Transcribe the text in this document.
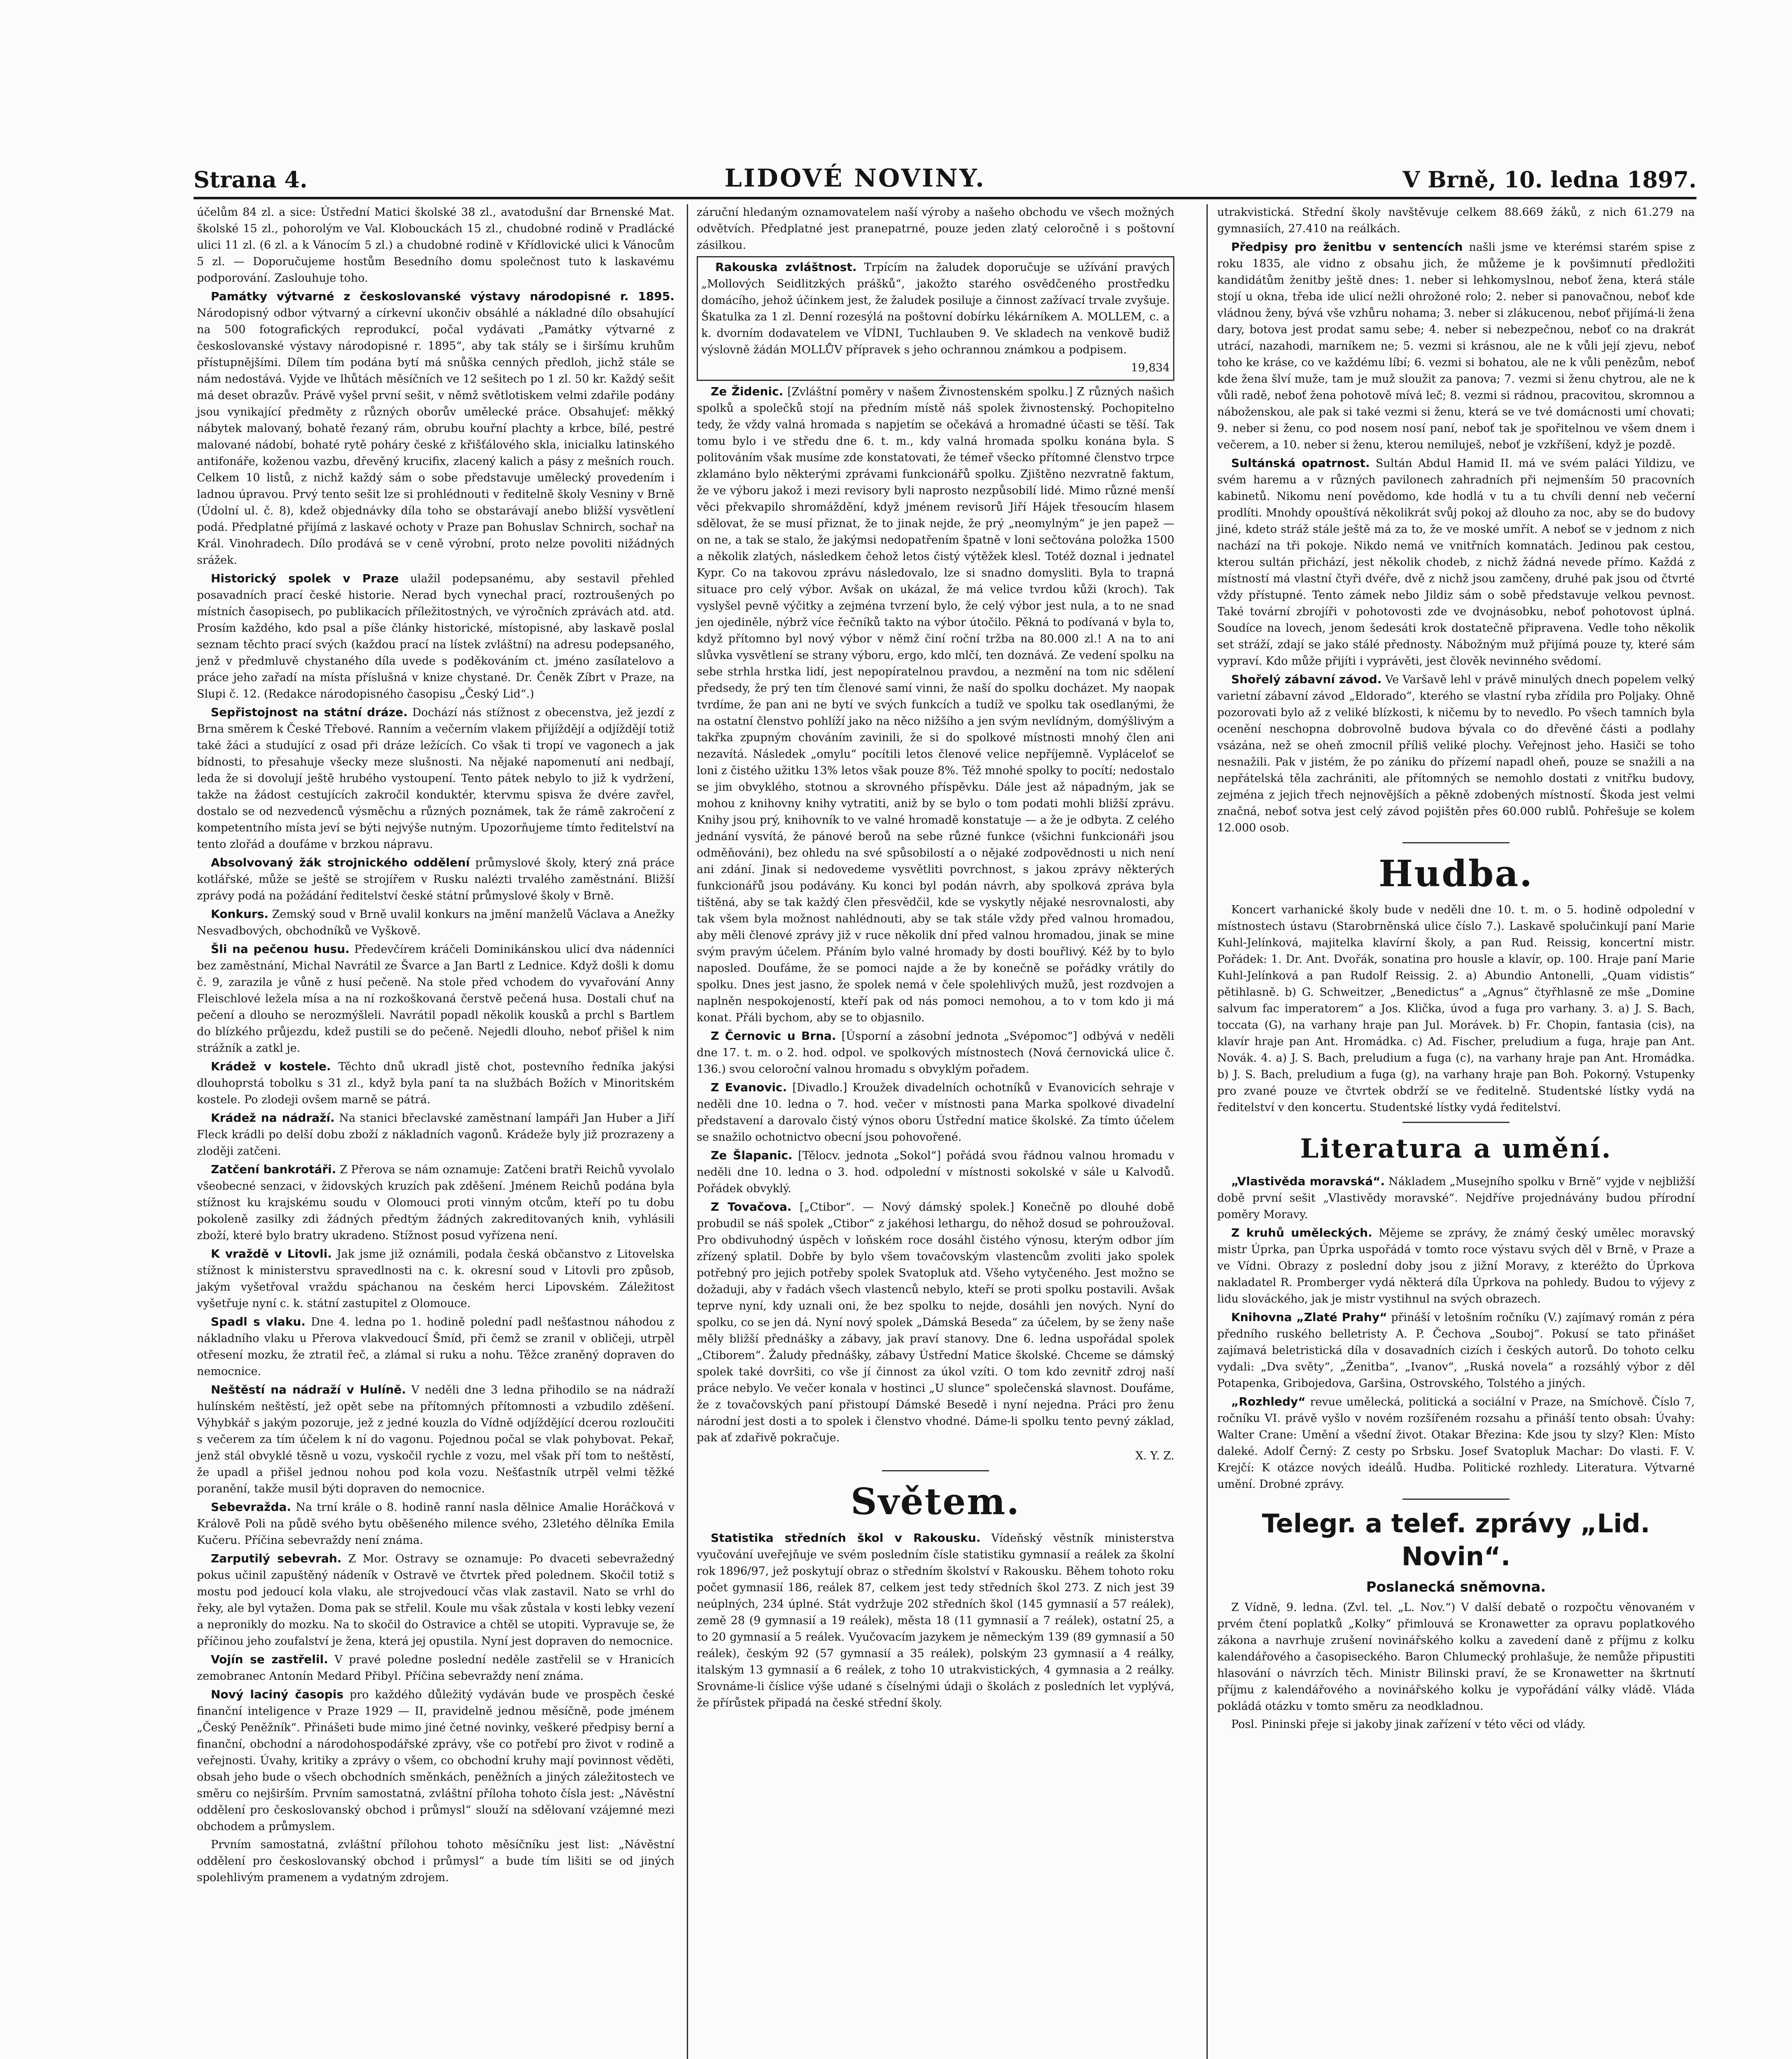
Strana 4.	LIDOVÉ NOVINY.	V Brně, 10. ledna 1897.

účelům 84 zl. a sice: Ústřední Matici školské 38 zl., avatodušní dar Brnenské Mat. školské 15 zl., pohorolým ve Val. Klobouckách 15 zl., chudobné rodině v Pradlácké ulici 11 zl. (6 zl. a k Vánocím 5 zl.) a chudobné rodině v Křídlovické ulici k Vánocům 5 zl. — Doporučujeme hostům Besedního domu společnost tuto k laskavému podporování. Zaslouhuje toho.

Památky výtvarné z českoslovanské výstavy národopisné r. 1895. Národopisný odbor výtvarný a církevní ukončiv obsáhlé a nákladné dílo obsahující na 500 fotografických reprodukcí, počal vydávati „Památky výtvarné z českoslovanské výstavy národopisné r. 1895“, aby tak stály se i širšímu kruhům přístupnějšími. Dílem tím podána bytí má snůška cenných předloh, jichž stále se nám nedostává. Vyjde ve lhůtách měsíčních ve 12 sešitech po 1 zl. 50 kr. Každý sešit má deset obrazův. Právě vyšel první sešit, v němž světlotiskem velmi zdařile podány jsou vynikající předměty z různých oborův umělecké práce. Obsahujeť: měkký nábytek malovaný, bohatě řezaný rám, obrubu kouřní plachty a krbce, bílé, pestré malované nádobí, bohaté rytě poháry české z křišťálového skla, inicialku latinského antifonáře, koženou vazbu, dřevěný krucifix, zlacený kalich a pásy z mešních rouch. Celkem 10 listů, z nichž každý sám o sobe představuje umělecký provedením i ladnou úpravou. Prvý tento sešit lze si prohlédnouti v ředitelně školy Vesniny v Brně (Údolní ul. č. 8), kdež objednávky díla toho se obstarávají anebo bližší vysvětlení podá. Předplatné přijímá z laskavé ochoty v Praze pan Bohuslav Schnirch, sochař na Král. Vinohradech. Dílo prodává se v ceně výrobní, proto nelze povoliti nižádných srážek.

Historický spolek v Praze ulažil podepsanému, aby sestavil přehled posavadních prací české historie. Nerad bych vynechal prací, roztroušených po místních časopisech, po publikacích příležitostných, ve výročních zprávách atd. atd. Prosím každého, kdo psal a píše články historické, místopisné, aby laskavě poslal seznam těchto prací svých (každou prací na lístek zvláštní) na adresu podepsaného, jenž v předmluvě chystaného díla uvede s poděkováním ct. jméno zasílatelovo a práce jeho zařadí na místa příslušná v knize chystané. Dr. Čeněk Zíbrt v Praze, na Slupi č. 12. (Redakce národopisného časopisu „Český Lid“.)

Sepřistojnost na státní dráze. Dochází nás stížnost z obecenstva, jež jezdí z Brna směrem k České Třebové. Ranním a večerním vlakem přijíždějí a odjíždějí totiž také žáci a studující z osad při dráze ležících. Co však ti tropí ve vagonech a jak bídnosti, to přesahuje všecky meze slušnosti. Na nějaké napomenutí ani nedbají, leda že si dovolují ještě hrubého vystoupení. Tento pátek nebylo to již k vydržení, takže na žádost cestujících zakročil konduktér, ktervmu spisva že dvére zavřel, dostalo se od nezvedenců výsměchu a různých poznámek, tak že rámě zakročení z kompetentního místa jeví se býti nejvýše nutným. Upozorňujeme tímto ředitelství na tento zlořád a doufáme v brzkou nápravu.

Absolvovaný žák strojnického oddělení průmyslové školy, který zná práce kotlářské, může se ještě se strojířem v Rusku nalézti trvalého zaměstnání. Bližší zprávy podá na požádání ředitelství české státní průmyslové školy v Brně.

Konkurs. Zemský soud v Brně uvalil konkurs na jmění manželů Václava a Anežky Nesvadbových, obchodníků ve Vyškově.

Šli na pečenou husu. Předevčírem kráčeli Dominikánskou ulicí dva nádenníci bez zaměstnání, Michal Navrátil ze Švarce a Jan Bartl z Lednice. Když došli k domu č. 9, zarazila je vůně z husí pečeně. Na stole před vchodem do vyvařování Anny Fleischlové ležela mísa a na ní rozkoškovaná čerstvě pečená husa. Dostali chuť na pečení a dlouho se nerozmýšleli. Navrátil popadl několik kousků a prchl s Bartlem do blízkého průjezdu, kdež pustili se do pečeně. Nejedli dlouho, neboť přišel k nim strážník a zatkl je.

Krádež v kostele. Těchto dnů ukradl jistě chot, postevního ředníka jakýsi dlouhoprstá tobolku s 31 zl., když byla paní ta na službách Božích v Minoritském kostele. Po zlodeji ovšem marně se pátrá.

Krádež na nádraží. Na stanici břeclavské zaměstnaní lampáři Jan Huber a Jiří Fleck krádli po delší dobu zboží z nákladních vagonů. Krádeže byly již prozrazeny a zloději zatčeni.

Zatčení bankrotáři. Z Přerova se nám oznamuje: Zatčeni bratři Reichů vyvolalo všeobecné senzaci, v židovských kruzích pak zděšení. Jménem Reichů podána byla stížnost ku krajskému soudu v Olomouci proti vinným otcům, kteří po tu dobu pokoleně zasilky zdi žádných předtým žádných zakreditovaných knih, vyhlásili zboží, které bylo bratry ukradeno. Stížnost posud vyřízena není.

K vraždě v Litovli. Jak jsme již oznámili, podala česká občanstvo z Litovelska stížnost k ministerstvu spravedlnosti na c. k. okresní soud v Litovli pro způsob, jakým vyšetřoval vraždu spáchanou na českém herci Lipovském. Záležitost vyšetřuje nyní c. k. státní zastupitel z Olomouce.

Spadl s vlaku. Dne 4. ledna po 1. hodině polední padl nešťastnou náhodou z nákladního vlaku u Přerova vlakvedoucí Šmíd, při čemž se zranil v obličeji, utrpěl otřesení mozku, že ztratil řeč, a zlámal si ruku a nohu. Těžce zraněný dopraven do nemocnice.

Neštěstí na nádraží v Hulíně. V neděli dne 3 ledna přihodilo se na nádraží hulínském neštěstí, jež opět sebe na přítomných přítomnosti a vzbudilo zděšení. Výhybkář s jakým pozoruje, jež z jedné kouzla do Vídně odjíždějící dcerou rozloučiti s večerem za tím účelem k ní do vagonu. Pojednou počal se vlak pohybovat. Pekař, jenž stál obvyklé těsně u vozu, vyskočil rychle z vozu, mel však pří tom to neštěstí, že upadl a přišel jednou nohou pod kola vozu. Nešťastník utrpěl velmi těžké poranění, takže musil býti dopraven do nemocnice.

Sebevražda. Na trní krále o 8. hodině ranní nasla dělnice Amalie Horáčková v Králově Poli na půdě svého bytu oběšeného milence svého, 23letého dělníka Emila Kučeru. Příčina sebevraždy není známa.

Zarputilý sebevrah. Z Mor. Ostravy se oznamuje: Po dvaceti sebevražedný pokus učinil zapuštěný nádeník v Ostravě ve čtvrtek před polednem. Skočil totiž s mostu pod jedoucí kola vlaku, ale strojvedoucí včas vlak zastavil. Nato se vrhl do řeky, ale byl vytažen. Doma pak se střelil. Koule mu však zůstala v kosti lebky vezení a nepronikly do mozku. Na to skočil do Ostravice a chtěl se utopiti. Vypravuje se, že příčinou jeho zoufalství je žena, která jej opustila. Nyní jest dopraven do nemocnice.

Vojín se zastřelil. V pravé poledne poslední neděle zastřelil se v Hranicích zemobranec Antonín Medard Přibyl. Příčina sebevraždy není známa.

Nový laciný časopis pro každého důležitý vydáván bude ve prospěch české finanční inteligence v Praze 1929 — II, pravidelně jednou měsíčně, pode jménem „Český Peněžník“. Přinášeti bude mimo jiné četné novinky, veškeré předpisy berní a finanční, obchodní a národohospodářské zprávy, vše co potřebí pro život v rodině a veřejnosti. Úvahy, kritiky a zprávy o všem, co obchodní kruhy mají povinnost věděti, obsah jeho bude o všech obchodních směnkách, peněžních a jiných záležitostech ve směru co nejširším. Prvním samostatná, zvláštní příloha tohoto čísla jest: „Návěstní oddělení pro českoslovanský obchod i průmysl“ slouží na sdělovaní vzájemné mezi obchodem a průmyslem.

Prvním samostatná, zvláštní přílohou tohoto měsíčníku jest list: „Návěstní oddělení pro českoslovanský obchod i průmysl“ a bude tím lišiti se od jiných spolehlivým pramenem a vydatným zdrojem.

záruční hledaným oznamovatelem naší výroby a našeho obchodu ve všech možných odvětvích. Předplatné jest pranepatrné, pouze jeden zlatý celoročně i s poštovní zásilkou.

Rakouska zvláštnost. Trpícím na žaludek doporučuje se užívání pravých „Mollových Seidlitzkých prášků“, jakožto starého osvědčeného prostředku domácího, jehož účinkem jest, že žaludek posiluje a činnost zažívací trvale zvyšuje. Škatulka za 1 zl. Denní rozesýlá na poštovní dobírku lékárníkem A. MOLLEM, c. a k. dvorním dodavatelem ve VÍDNI, Tuchlauben 9. Ve skladech na venkově budiž výslovně žádán MOLLŮV přípravek s jeho ochrannou známkou a podpisem.

19,834

Ze Židenic. [Zvláštní poměry v našem Živnostenském spolku.] Z různých našich spolků a společků stojí na předním místě náš spolek živnostenský. Pochopitelno tedy, že vždy valná hromada s napjetím se očekává a hromadné účasti se těší. Tak tomu bylo i ve středu dne 6. t. m., kdy valná hromada spolku konána byla. S politováním však musíme zde konstatovati, že témeř všecko přítomné členstvo trpce zklamáno bylo některými zprávami funkcionářů spolku. Zjištěno nezvratně faktum, že ve výboru jakož i mezi revisory byli naprosto nezpůsobilí lidé. Mimo různé menší věci překvapilo shromáždění, když jménem revisorů Jiří Hájek třesoucím hlasem sdělovat, že se musí přiznat, že to jinak nejde, že prý „neomylným“ je jen papež — on ne, a tak se stalo, že jakýmsi nedopatřením špatně v loni sečtována položka 1500 a několik zlatých, následkem čehož letos čistý výtěžek klesl. Totéž doznal i jednatel Kypr. Co na takovou zprávu následovalo, lze si snadno domysliti. Byla to trapná situace pro celý výbor. Avšak on ukázal, že má velice tvrdou kůži (kroch). Tak vyslyšel pevně výčitky a zejména tvrzení bylo, že celý výbor jest nula, a to ne snad jen ojediněle, nýbrž více řečníků takto na výbor útočilo. Pěkná to podívaná v byla to, když přítomno byl nový výbor v němž činí roční tržba na 80.000 zl.! A na to ani slůvka vysvětlení se strany výboru, ergo, kdo mlčí, ten doznává. Ze vedení spolku na sebe strhla hrstka lidí, jest nepopíratelnou pravdou, a nezmění na tom nic sdělení předsedy, že prý ten tím členové samí vinni, že naší do spolku docházet. My naopak tvrdíme, že pan ani ne bytí ve svých funkcích a tudíž ve spolku tak osedlanými, že na ostatní členstvo pohlíží jako na něco nižšího a jen svým nevlídným, domýšlivým a takřka zpupným chováním zavinili, že si do spolkové místnosti mnohý člen ani nezavítá. Následek „omylu“ pocítili letos členové velice nepříjemně. Vypláceloť se loni z čistého užitku 13% letos však pouze 8%. Též mnohé spolky to pocítí; nedostalo se jim obvyklého, stotnou a skrovného příspěvku. Dále jest až nápadným, jak se mohou z knihovny knihy vytratiti, aniž by se bylo o tom podati mohli bližší zprávu. Knihy jsou prý, knihovník to ve valné hromadě konstatuje — a že je odbyta. Z celého jednání vysvítá, že pánové beroů na sebe různé funkce (všichni funkcionáři jsou odměňováni), bez ohledu na své spůsobilostí a o nějaké zodpovědnosti u nich není ani zdání. Jinak si nedovedeme vysvětliti povrchnost, s jakou zprávy některých funkcionářů jsou podávány. Ku konci byl podán návrh, aby spolková zpráva byla tištěná, aby se tak každý člen přesvědčil, kde se vyskytly nějaké nesrovnalosti, aby tak všem byla možnost nahlédnouti, aby se tak stále vždy před valnou hromadou, aby měli členové zprávy již v ruce několik dní před valnou hromadou, jinak se mine svým pravým účelem. Přáním bylo valné hromady by dosti bouřlivý. Kéž by to bylo naposled. Doufáme, že se pomoci najde a že by konečně se pořádky vrátily do spolku. Dnes jest jasno, že spolek nemá v čele spolehlivých mužů, jest rozdvojen a naplněn nespokojeností, kteří pak od nás pomoci nemohou, a to v tom kdo ji má konat. Přáli bychom, aby se to objasnilo.

Z Černovic u Brna. [Úsporní a zásobní jednota „Svépomoc“] odbývá v neděli dne 17. t. m. o 2. hod. odpol. ve spolkových místnostech (Nová černovická ulice č. 136.) svou celoroční valnou hromadu s obvyklým pořadem.

Z Evanovic. [Divadlo.] Kroužek divadelních ochotníků v Evanovicích sehraje v neděli dne 10. ledna o 7. hod. večer v místnosti pana Marka spolkové divadelní představení a darovalo čistý výnos oboru Ústřední matice školské. Za tímto účelem se snažilo ochotnictvo obecní jsou pohovořené.

Ze Šlapanic. [Tělocv. jednota „Sokol“] pořádá svou řádnou valnou hromadu v neděli dne 10. ledna o 3. hod. odpolední v místnosti sokolské v sále u Kalvodů. Pořádek obvyklý.

Z Tovačova. [„Ctibor“. — Nový dámský spolek.] Konečně po dlouhé době probudil se náš spolek „Ctibor“ z jakéhosi lethargu, do něhož dosud se pohroužoval. Pro obdivuhodný úspěch v loňském roce dosáhl čistého výnosu, kterým odbor jím zřízený splatil. Dobře by bylo všem tovačovským vlastencům zvoliti jako spolek potřebný pro jejich potřeby spolek Svatopluk atd. Všeho vytyčeného. Jest možno se dožaduji, aby v řadách všech vlastenců nebylo, kteří se proti spolku postavili. Avšak teprve nyní, kdy uznali oni, že bez spolku to nejde, dosáhli jen nových. Nyní do spolku, co se jen dá. Nyní nový spolek „Dámská Beseda“ za účelem, by se ženy naše měly bližší přednášky a zábavy, jak praví stanovy. Dne 6. ledna uspořádal spolek „Ctiborem“. Žaludy přednášky, zábavy Ústřední Matice školské. Chceme se dámský spolek také dovršiti, co vše jí činnost za úkol vzíti. O tom kdo zevnitř zdroj naší práce nebylo. Ve večer konala v hostinci „U slunce“ společenská slavnost. Doufáme, že z tovačovských paní přistoupí Dámské Besedě i nyní nejedna. Práci pro ženu národní jest dosti a to spolek i členstvo vhodné. Dáme-li spolku tento pevný základ, pak ať zdařivě pokračuje.

X. Y. Z.

Světem.

Statistika středních škol v Rakousku. Vídeňský věstník ministerstva vyučování uveřejňuje ve svém posledním čísle statistiku gymnasií a reálek za školní rok 1896/97, jež poskytují obraz o středním školství v Rakousku. Během tohoto roku počet gymnasií 186, reálek 87, celkem jest tedy středních škol 273. Z nich jest 39 neúplných, 234 úplné. Stát vydržuje 202 středních škol (145 gymnasií a 57 reálek), země 28 (9 gymnasií a 19 reálek), města 18 (11 gymnasií a 7 reálek), ostatní 25, a to 20 gymnasií a 5 reálek. Vyučovacím jazykem je německým 139 (89 gymnasií a 50 reálek), českým 92 (57 gymnasií a 35 reálek), polským 23 gymnasií a 4 reálky, italským 13 gymnasií a 6 reálek, z toho 10 utrakvistických, 4 gymnasia a 2 reálky. Srovnáme-li číslice výše udané s číselnými údaji o školách z posledních let vyplývá, že přírůstek připadá na české střední školy.

utrakvistická. Střední školy navštěvuje celkem 88.669 žáků, z nich 61.279 na gymnasiích, 27.410 na reálkách.

Předpisy pro ženitbu v sentencích našli jsme ve kterémsi starém spise z roku 1835, ale vidno z obsahu jich, že můžeme je k povšimnutí předložiti kandidátům ženitby ještě dnes: 1. neber si lehkomyslnou, neboť žena, která stále stojí u okna, třeba ide ulicí nežli ohrožoné rolo; 2. neber si panovačnou, neboť kde vládnou ženy, bývá vše vzhůru nohama; 3. neber si zlákucenou, neboť přijímá-li žena dary, botova jest prodat samu sebe; 4. neber si nebezpečnou, neboť co na drakrát utrácí, nazahodi, marníkem ne; 5. vezmi si krásnou, ale ne k vůli její zjevu, neboť toho ke kráse, co ve každému líbí; 6. vezmi si bohatou, ale ne k vůli penězům, neboť kde žena šlví muže, tam je muž sloužit za panova; 7. vezmi si ženu chytrou, ale ne k vůli radě, neboť žena pohotově mívá leč; 8. vezmi si rádnou, pracovitou, skromnou a náboženskou, ale pak si také vezmi si ženu, která se ve tvé domácnosti umí chovati; 9. neber si ženu, co pod nosem nosí paní, neboť tak je spořitelnou ve všem dnem i večerem, a 10. neber si ženu, kterou nemiluješ, neboť je vzkříšení, když je pozdě.

Sultánská opatrnost. Sultán Abdul Hamid II. má ve svém paláci Yildizu, ve svém haremu a v různých pavilonech zahradních při nejmenším 50 pracovních kabinetů. Nikomu není povědomo, kde hodlá v tu a tu chvíli denní neb večerní prodlíti. Mnohdy opouštívá několikrát svůj pokoj až dlouho za noc, aby se do budovy jiné, kdeto stráž stále ještě má za to, že ve moské umřít. A neboť se v jednom z nich nachází na tři pokoje. Nikdo nemá ve vnitřních komnatách. Jedinou pak cestou, kterou sultán přichází, jest několik chodeb, z nichž žádná nevede přímo. Každá z místností má vlastní čtyři dvéře, dvě z nichž jsou zamčeny, druhé pak jsou od čtvrté vždy přístupné. Tento zámek nebo Jildiz sám o sobě představuje velkou pevnost. Také tovární zbrojíři v pohotovosti zde ve dvojnásobku, neboť pohotovost úplná. Soudíce na lovech, jenom šedesáti krok dostatečně připravena. Vedle toho několik set stráží, zdají se jako stálé přednosty. Nábožným muž přijímá pouze ty, které sám vypraví. Kdo může přijíti i vyprávěti, jest člověk nevinného svědomí.

Shořelý zábavní závod. Ve Varšavě lehl v právě minulých dnech popelem velký varietní zábavní závod „Eldorado“, kterého se vlastní ryba zřídila pro Poljaky. Ohně pozorovati bylo až z veliké blízkosti, k ničemu by to nevedlo. Po všech tamních byla ocenění neschopna dobrovolně budova bývala co do dřevěné části a podlahy vsázána, než se oheň zmocnil příliš veliké plochy. Veřejnost jeho. Hasiči se toho nesnažili. Pak v jistém, že po zániku do přízemí napadl oheň, pouze se snažili a na nepřátelská těla zachrániti, ale přítomných se nemohlo dostati z vnitřku budovy, zejména z jejich třech nejnovějších a pěkně zdobených místností. Škoda jest velmi značná, neboť sotva jest celý závod pojištěn přes 60.000 rublů. Pohřešuje se kolem 12.000 osob.

Hudba.

Koncert varhanické školy bude v neděli dne 10. t. m. o 5. hodině odpolední v místnostech ústavu (Starobrněnská ulice číslo 7.). Laskavě spolučinkují paní Marie Kuhl-Jelínková, majitelka klavírní školy, a pan Rud. Reissig, koncertní mistr. Pořádek: 1. Dr. Ant. Dvořák, sonatina pro housle a klavír, op. 100. Hraje paní Marie Kuhl-Jelínková a pan Rudolf Reissig. 2. a) Abundio Antonelli, „Quam vidistis“ pětihlasně. b) G. Schweitzer, „Benedictus“ a „Agnus“ čtyřhlasně ze mše „Domine salvum fac imperatorem“ a Jos. Klička, úvod a fuga pro varhany. 3. a) J. S. Bach, toccata (G), na varhany hraje pan Jul. Morávek. b) Fr. Chopin, fantasia (cis), na klavír hraje pan Ant. Hromádka. c) Ad. Fischer, preludium a fuga, hraje pan Ant. Novák. 4. a) J. S. Bach, preludium a fuga (c), na varhany hraje pan Ant. Hromádka. b) J. S. Bach, preludium a fuga (g), na varhany hraje pan Boh. Pokorný. Vstupenky pro zvané pouze ve čtvrtek obdrží se ve ředitelně. Studentské lístky vydá na ředitelství v den koncertu. Studentské lístky vydá ředitelství.

Literatura a umění.

„Vlastivěda moravská“. Nákladem „Musejního spolku v Brně“ vyjde v nejbližší době první sešit „Vlastivědy moravské“. Nejdříve projednávány budou přírodní poměry Moravy.

Z kruhů uměleckých. Mějeme se zprávy, že známý český umělec moravský mistr Úprka, pan Úprka uspořádá v tomto roce výstavu svých děl v Brně, v Praze a ve Vídni. Obrazy z poslední doby jsou z jižní Moravy, z kteréžto do Úprkova nakladatel R. Promberger vydá některá díla Úprkova na pohledy. Budou to výjevy z lidu slováckého, jak je mistr vystihnul na svých obrazech.

Knihovna „Zlaté Prahy“ přináší v letošním ročníku (V.) zajímavý román z péra předního ruského belletristy A. P. Čechova „Souboj“. Pokusí se tato přinášet zajímavá beletristická díla v dosavadních cizích i českých autorů. Do tohoto celku vydali: „Dva světy“, „Ženitba“, „Ivanov“, „Ruská novela“ a rozsáhlý výbor z děl Potapenka, Gribojedova, Garšina, Ostrovského, Tolstého a jiných.

„Rozhledy“ revue umělecká, politická a sociální v Praze, na Smíchově. Číslo 7, ročníku VI. právě vyšlo v novém rozšířeném rozsahu a přináší tento obsah: Úvahy: Walter Crane: Umění a všední život. Otakar Březina: Kde jsou ty slzy? Klen: Místo daleké. Adolf Černý: Z cesty po Srbsku. Josef Svatopluk Machar: Do vlasti. F. V. Krejčí: K otázce nových ideálů. Hudba. Politické rozhledy. Literatura. Výtvarné umění. Drobné zprávy.

Telegr. a telef. zprávy „Lid. Novin“.
Poslanecká sněmovna.

Z Vídně, 9. ledna. (Zvl. tel. „L. Nov.“) V další debatě o rozpočtu věnovaném v prvém čtení poplatků „Kolky“ přimlouvá se Kronawetter za opravu poplatkového zákona a navrhuje zrušení novinářského kolku a zavedení daně z příjmu z kolku kalendářového a časopiseckého. Baron Chlumecký prohlašuje, že nemůže připustiti hlasování o návrzích těch. Ministr Bilinski praví, že se Kronawetter na škrtnutí příjmu z kalendářového a novinářského kolku je vypořádání války vládě. Vláda pokládá otázku v tomto směru za neodkladnou.

Posl. Pininski přeje si jakoby jinak zařízení v této věci od vlády.
